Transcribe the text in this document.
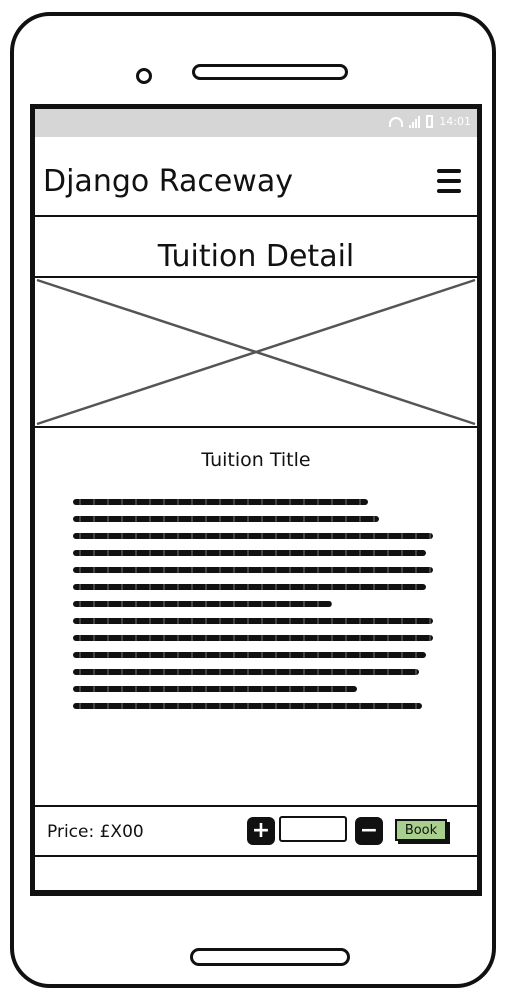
14:01
Django Raceway
Tuition Detail
Tuition Title
Price: £X00	+	−	Book
